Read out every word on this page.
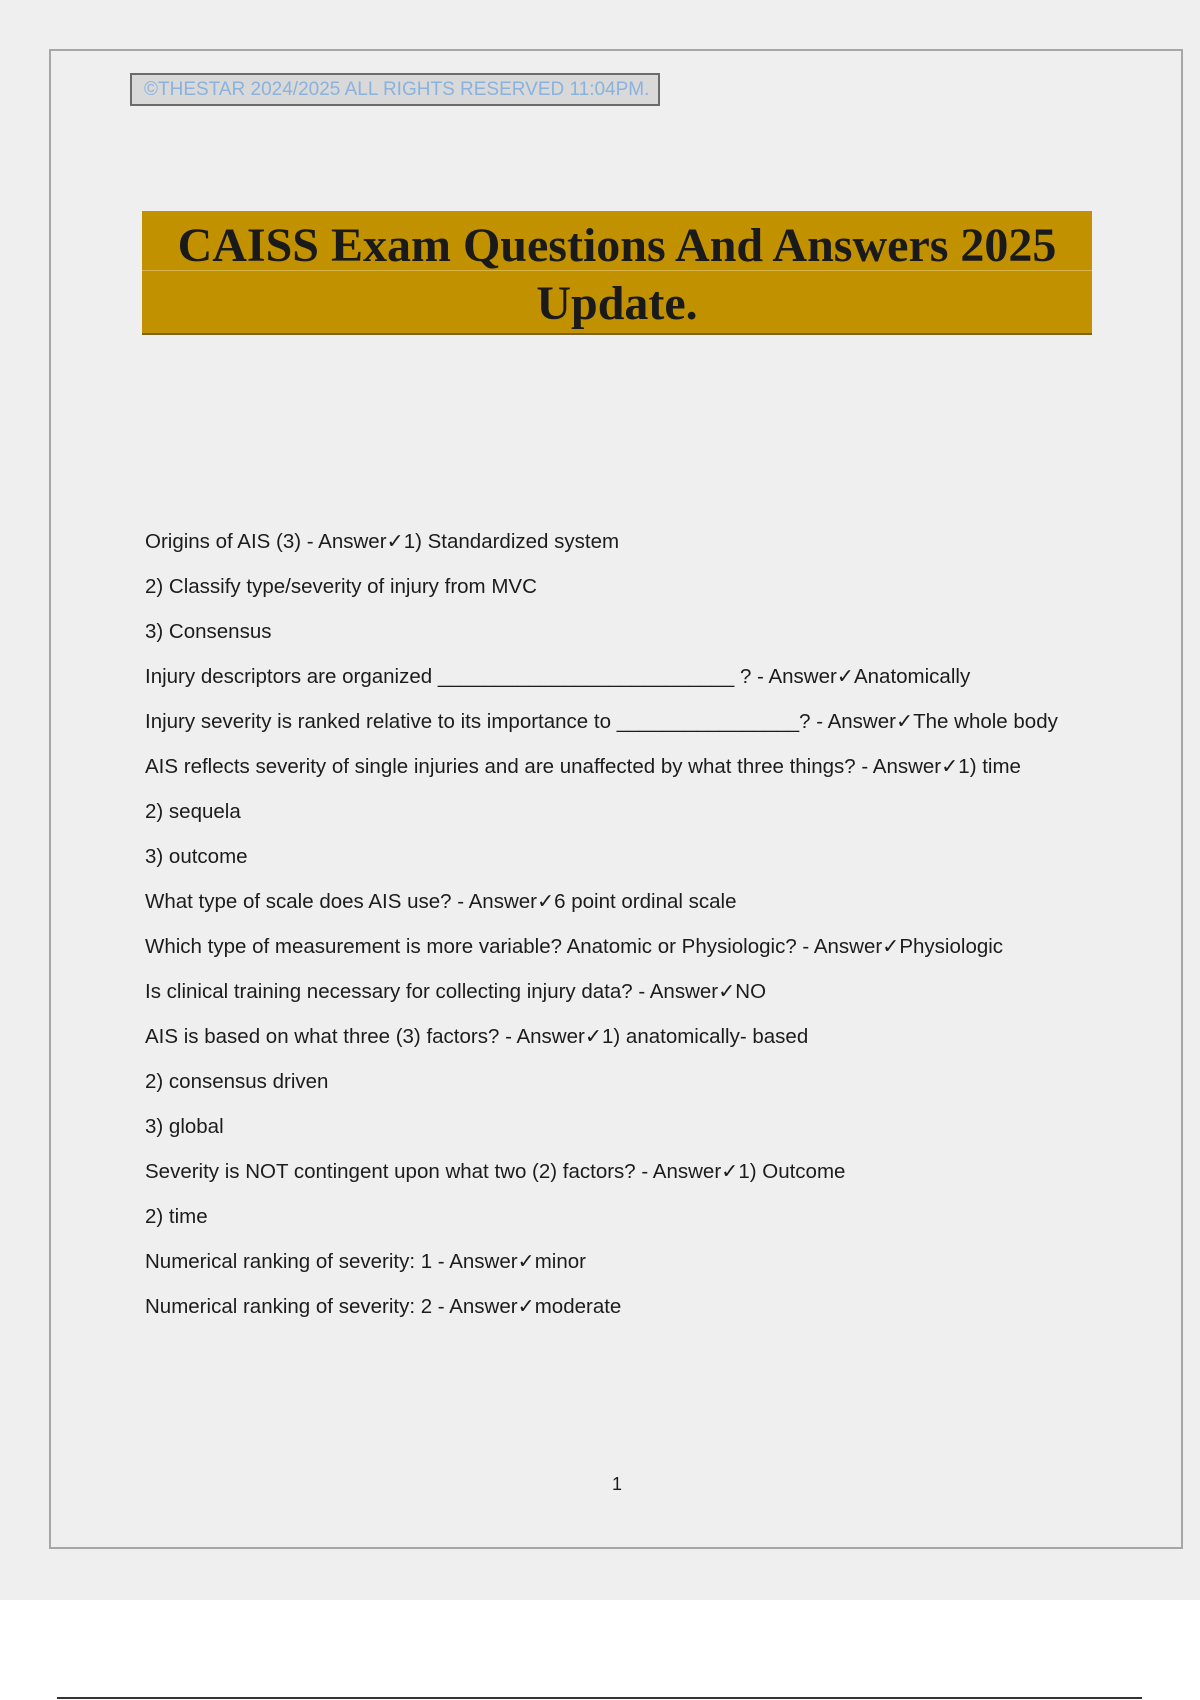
©THESTAR 2024/2025 ALL RIGHTS RESERVED 11:04PM.
CAISS Exam Questions And Answers 2025
Update.

Origins of AIS (3) - Answer✓1) Standardized system

2) Classify type/severity of injury from MVC

3) Consensus

Injury descriptors are organized __________________________ ? - Answer✓Anatomically

Injury severity is ranked relative to its importance to ________________? - Answer✓The whole body

AIS reflects severity of single injuries and are unaffected by what three things? - Answer✓1) time

2) sequela

3) outcome

What type of scale does AIS use? - Answer✓6 point ordinal scale

Which type of measurement is more variable? Anatomic or Physiologic? - Answer✓Physiologic

Is clinical training necessary for collecting injury data? - Answer✓NO

AIS is based on what three (3) factors? - Answer✓1) anatomically- based

2) consensus driven

3) global

Severity is NOT contingent upon what two (2) factors? - Answer✓1) Outcome

2) time

Numerical ranking of severity: 1 - Answer✓minor

Numerical ranking of severity: 2 - Answer✓moderate

1
